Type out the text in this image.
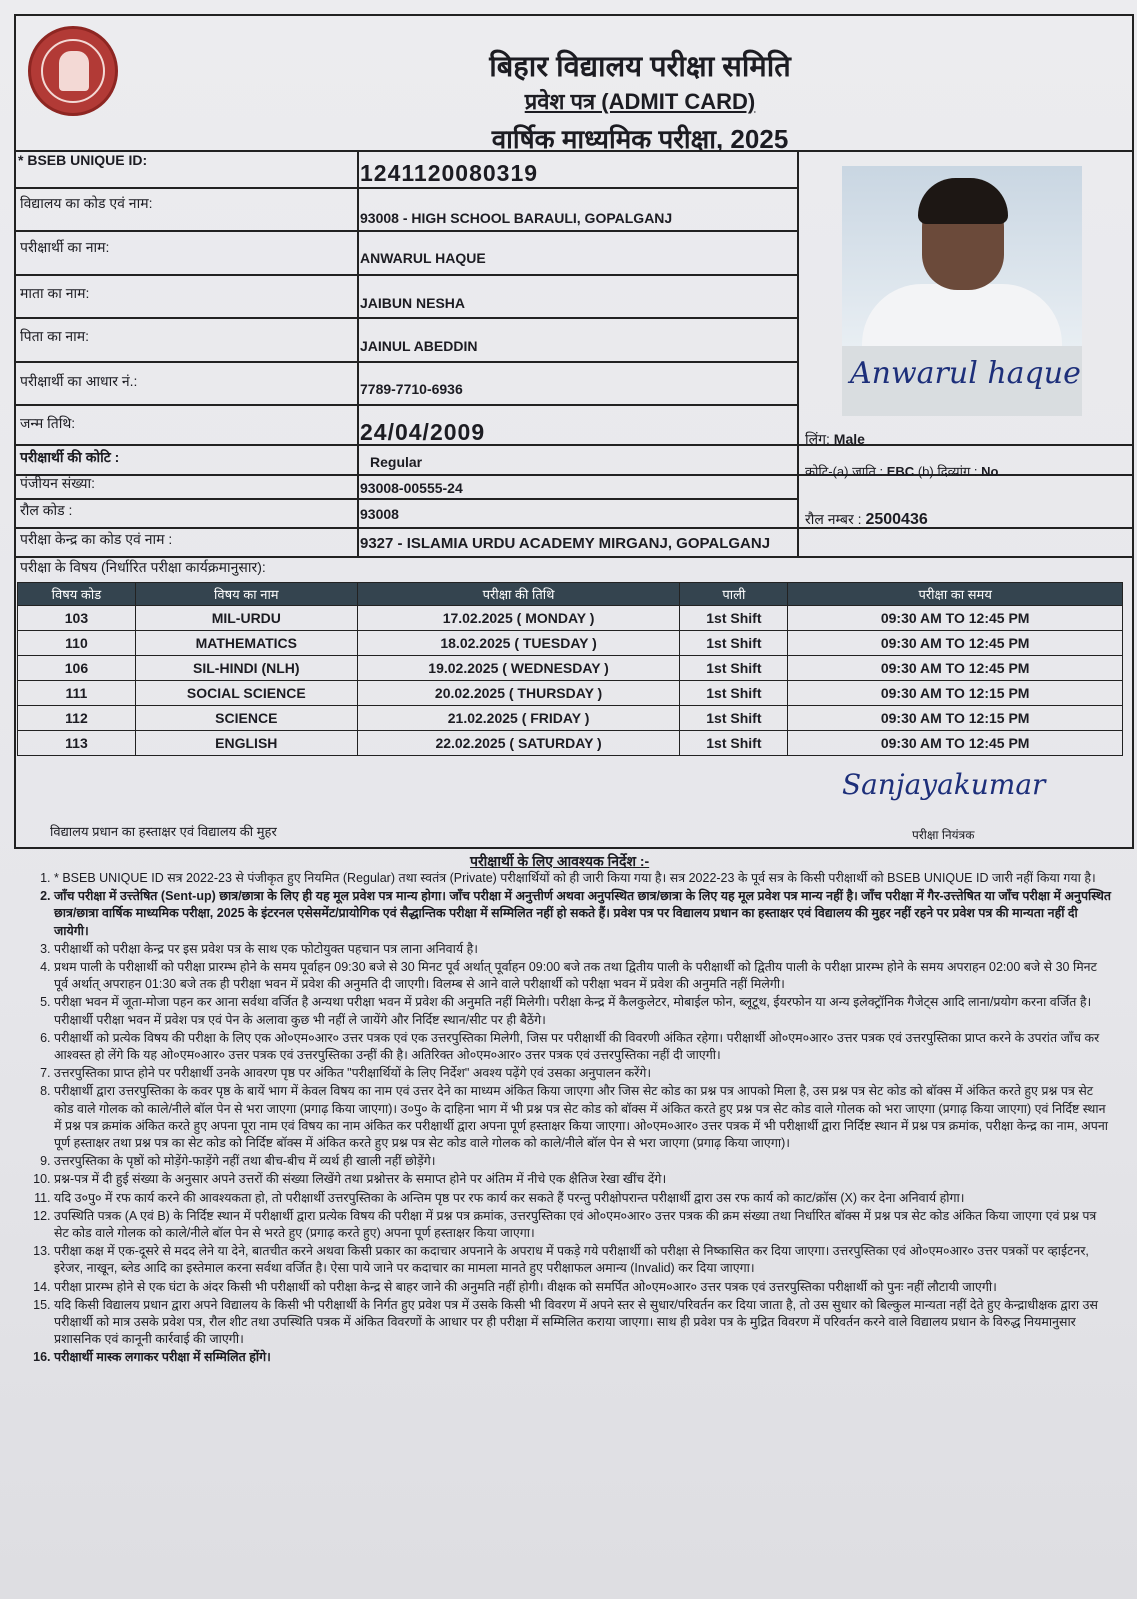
बिहार विद्यालय परीक्षा समिति
प्रवेश पत्र (ADMIT CARD)
वार्षिक माध्यमिक परीक्षा, 2025
* BSEB UNIQUE ID:	1241120080319
विद्यालय का कोड एवं नाम:
93008 - HIGH SCHOOL BARAULI, GOPALGANJ
परीक्षार्थी का नाम:
ANWARUL HAQUE
माता का नाम:
JAIBUN NESHA
पिता का नाम:
JAINUL ABEDDIN
परीक्षार्थी का आधार नं.:	7789-7710-6936
जन्म तिथि:	24/04/2009
परीक्षार्थी की कोटि :	Regular
पंजीयन संख्या:	93008-00555-24
रौल कोड :	93008
परीक्षा केन्द्र का कोड एवं नाम :	9327 - ISLAMIA URDU ACADEMY MIRGANJ, GOPALGANJ
परीक्षा के विषय (निर्धारित परीक्षा कार्यक्रमानुसार):
Anwarul haque
लिंग: Male
कोटि-(a) जाति : EBC (b) दिव्यांग : No
रौल नम्बर : 2500436
विषय कोड	विषय का नाम	परीक्षा की तिथि	पाली	परीक्षा का समय
103	MIL-URDU	17.02.2025 ( MONDAY )	1st Shift	09:30 AM TO 12:45 PM
110	MATHEMATICS	18.02.2025 ( TUESDAY )	1st Shift	09:30 AM TO 12:45 PM
106	SIL-HINDI (NLH)	19.02.2025 ( WEDNESDAY )	1st Shift	09:30 AM TO 12:45 PM
111	SOCIAL SCIENCE	20.02.2025 ( THURSDAY )	1st Shift	09:30 AM TO 12:15 PM
112	SCIENCE	21.02.2025 ( FRIDAY )	1st Shift	09:30 AM TO 12:15 PM
113	ENGLISH	22.02.2025 ( SATURDAY )	1st Shift	09:30 AM TO 12:45 PM
Sanjayakumar
विद्यालय प्रधान का हस्ताक्षर एवं विद्यालय की मुहर	परीक्षा नियंत्रक
परीक्षार्थी के लिए आवश्यक निर्देश :-
1. * BSEB UNIQUE ID सत्र 2022-23 से पंजीकृत हुए नियमित (Regular) तथा स्वतंत्र (Private) परीक्षार्थियों को ही जारी किया गया है। सत्र 2022-23 के पूर्व सत्र के किसी परीक्षार्थी को BSEB UNIQUE ID जारी नहीं किया गया है।
2. जाँच परीक्षा में उत्त्तेषित (Sent-up) छात्र/छात्रा के लिए ही यह मूल प्रवेश पत्र मान्य होगा। जाँच परीक्षा में अनुत्तीर्ण अथवा अनुपस्थित छात्र/छात्रा के लिए यह मूल प्रवेश पत्र मान्य नहीं है। जाँच परीक्षा में गैर-उत्त्तेषित या जाँच परीक्षा में अनुपस्थित छात्र/छात्रा वार्षिक माध्यमिक परीक्षा, 2025 के इंटरनल एसेसमेंट/प्रायोगिक एवं सैद्धान्तिक परीक्षा में सम्मिलित नहीं हो सकते हैं। प्रवेश पत्र पर विद्यालय प्रधान का हस्ताक्षर एवं विद्यालय की मुहर नहीं रहने पर प्रवेश पत्र की मान्यता नहीं दी जायेगी।
3. परीक्षार्थी को परीक्षा केन्द्र पर इस प्रवेश पत्र के साथ एक फोटोयुक्त पहचान पत्र लाना अनिवार्य है।
4. प्रथम पाली के परीक्षार्थी को परीक्षा प्रारम्भ होने के समय पूर्वाहन 09:30 बजे से 30 मिनट पूर्व अर्थात् पूर्वाहन 09:00 बजे तक तथा द्वितीय पाली के परीक्षार्थी को द्वितीय पाली के परीक्षा प्रारम्भ होने के समय अपराहन 02:00 बजे से 30 मिनट पूर्व अर्थात् अपराहन 01:30 बजे तक ही परीक्षा भवन में प्रवेश की अनुमति दी जाएगी। विलम्ब से आने वाले परीक्षार्थी को परीक्षा भवन में प्रवेश की अनुमति नहीं मिलेगी।
5. परीक्षा भवन में जूता-मोजा पहन कर आना सर्वथा वर्जित है अन्यथा परीक्षा भवन में प्रवेश की अनुमति नहीं मिलेगी। परीक्षा केन्द्र में कैलकुलेटर, मोबाईल फोन, ब्लूटूथ, ईयरफोन या अन्य इलेक्ट्रॉनिक गैजेट्स आदि लाना/प्रयोग करना वर्जित है। परीक्षार्थी परीक्षा भवन में प्रवेश पत्र एवं पेन के अलावा कुछ भी नहीं ले जायेंगे और निर्दिष्ट स्थान/सीट पर ही बैठेंगे।
6. परीक्षार्थी को प्रत्येक विषय की परीक्षा के लिए एक ओ०एम०आर० उत्तर पत्रक एवं एक उत्तरपुस्तिका मिलेगी, जिस पर परीक्षार्थी की विवरणी अंकित रहेगा। परीक्षार्थी ओ०एम०आर० उत्तर पत्रक एवं उत्तरपुस्तिका प्राप्त करने के उपरांत जाँच कर आश्वस्त हो लेंगे कि यह ओ०एम०आर० उत्तर पत्रक एवं उत्तरपुस्तिका उन्हीं की है। अतिरिक्त ओ०एम०आर० उत्तर पत्रक एवं उत्तरपुस्तिका नहीं दी जाएगी।
7. उत्तरपुस्तिका प्राप्त होने पर परीक्षार्थी उनके आवरण पृष्ठ पर अंकित "परीक्षार्थियों के लिए निर्देश" अवश्य पढ़ेंगे एवं उसका अनुपालन करेंगे।
8. परीक्षार्थी द्वारा उत्तरपुस्तिका के कवर पृष्ठ के बायें भाग में केवल विषय का नाम एवं उत्तर देने का माध्यम अंकित किया जाएगा और जिस सेट कोड का प्रश्न पत्र आपको मिला है, उस प्रश्न पत्र सेट कोड को बॉक्स में अंकित करते हुए प्रश्न पत्र सेट कोड वाले गोलक को काले/नीले बॉल पेन से भरा जाएगा (प्रगाढ़ किया जाएगा)। उ०पु० के दाहिना भाग में भी प्रश्न पत्र सेट कोड को बॉक्स में अंकित करते हुए प्रश्न पत्र सेट कोड वाले गोलक को भरा जाएगा (प्रगाढ़ किया जाएगा) एवं निर्दिष्ट स्थान में प्रश्न पत्र क्रमांक अंकित करते हुए अपना पूरा नाम एवं विषय का नाम अंकित कर परीक्षार्थी द्वारा अपना पूर्ण हस्ताक्षर किया जाएगा। ओ०एम०आर० उत्तर पत्रक में भी परीक्षार्थी द्वारा निर्दिष्ट स्थान में प्रश्न पत्र क्रमांक, परीक्षा केन्द्र का नाम, अपना पूर्ण हस्ताक्षर तथा प्रश्न पत्र का सेट कोड को निर्दिष्ट बॉक्स में अंकित करते हुए प्रश्न पत्र सेट कोड वाले गोलक को काले/नीले बॉल पेन से भरा जाएगा (प्रगाढ़ किया जाएगा)।
9. उत्तरपुस्तिका के पृष्ठों को मोड़ेंगे-फाड़ेंगे नहीं तथा बीच-बीच में व्यर्थ ही खाली नहीं छोड़ेंगे।
10. प्रश्न-पत्र में दी हुई संख्या के अनुसार अपने उत्तरों की संख्या लिखेंगे तथा प्रश्नोत्तर के समाप्त होने पर अंतिम में नीचे एक क्षैतिज रेखा खींच देंगे।
11. यदि उ०पु० में रफ कार्य करने की आवश्यकता हो, तो परीक्षार्थी उत्तरपुस्तिका के अन्तिम पृष्ठ पर रफ कार्य कर सकते हैं परन्तु परीक्षोपरान्त परीक्षार्थी द्वारा उस रफ कार्य को काट/क्रॉस (X) कर देना अनिवार्य होगा।
12. उपस्थिति पत्रक (A एवं B) के निर्दिष्ट स्थान में परीक्षार्थी द्वारा प्रत्येक विषय की परीक्षा में प्रश्न पत्र क्रमांक, उत्तरपुस्तिका एवं ओ०एम०आर० उत्तर पत्रक की क्रम संख्या तथा निर्धारित बॉक्स में प्रश्न पत्र सेट कोड अंकित किया जाएगा एवं प्रश्न पत्र सेट कोड वाले गोलक को काले/नीले बॉल पेन से भरते हुए (प्रगाढ़ करते हुए) अपना पूर्ण हस्ताक्षर किया जाएगा।
13. परीक्षा कक्ष में एक-दूसरे से मदद लेने या देने, बातचीत करने अथवा किसी प्रकार का कदाचार अपनाने के अपराध में पकड़े गये परीक्षार्थी को परीक्षा से निष्कासित कर दिया जाएगा। उत्तरपुस्तिका एवं ओ०एम०आर० उत्तर पत्रकों पर व्हाईटनर, इरेजर, नाखून, ब्लेड आदि का इस्तेमाल करना सर्वथा वर्जित है। ऐसा पाये जाने पर कदाचार का मामला मानते हुए परीक्षाफल अमान्य (Invalid) कर दिया जाएगा।
14. परीक्षा प्रारम्भ होने से एक घंटा के अंदर किसी भी परीक्षार्थी को परीक्षा केन्द्र से बाहर जाने की अनुमति नहीं होगी। वीक्षक को समर्पित ओ०एम०आर० उत्तर पत्रक एवं उत्तरपुस्तिका परीक्षार्थी को पुनः नहीं लौटायी जाएगी।
15. यदि किसी विद्यालय प्रधान द्वारा अपने विद्यालय के किसी भी परीक्षार्थी के निर्गत हुए प्रवेश पत्र में उसके किसी भी विवरण में अपने स्तर से सुधार/परिवर्तन कर दिया जाता है, तो उस सुधार को बिल्कुल मान्यता नहीं देते हुए केन्द्राधीक्षक द्वारा उस परीक्षार्थी को मात्र उसके प्रवेश पत्र, रौल शीट तथा उपस्थिति पत्रक में अंकित विवरणों के आधार पर ही परीक्षा में सम्मिलित कराया जाएगा। साथ ही प्रवेश पत्र के मुद्रित विवरण में परिवर्तन करने वाले विद्यालय प्रधान के विरुद्ध नियमानुसार प्रशासनिक एवं कानूनी कार्रवाई की जाएगी।
16. परीक्षार्थी मास्क लगाकर परीक्षा में सम्मिलित होंगे।
